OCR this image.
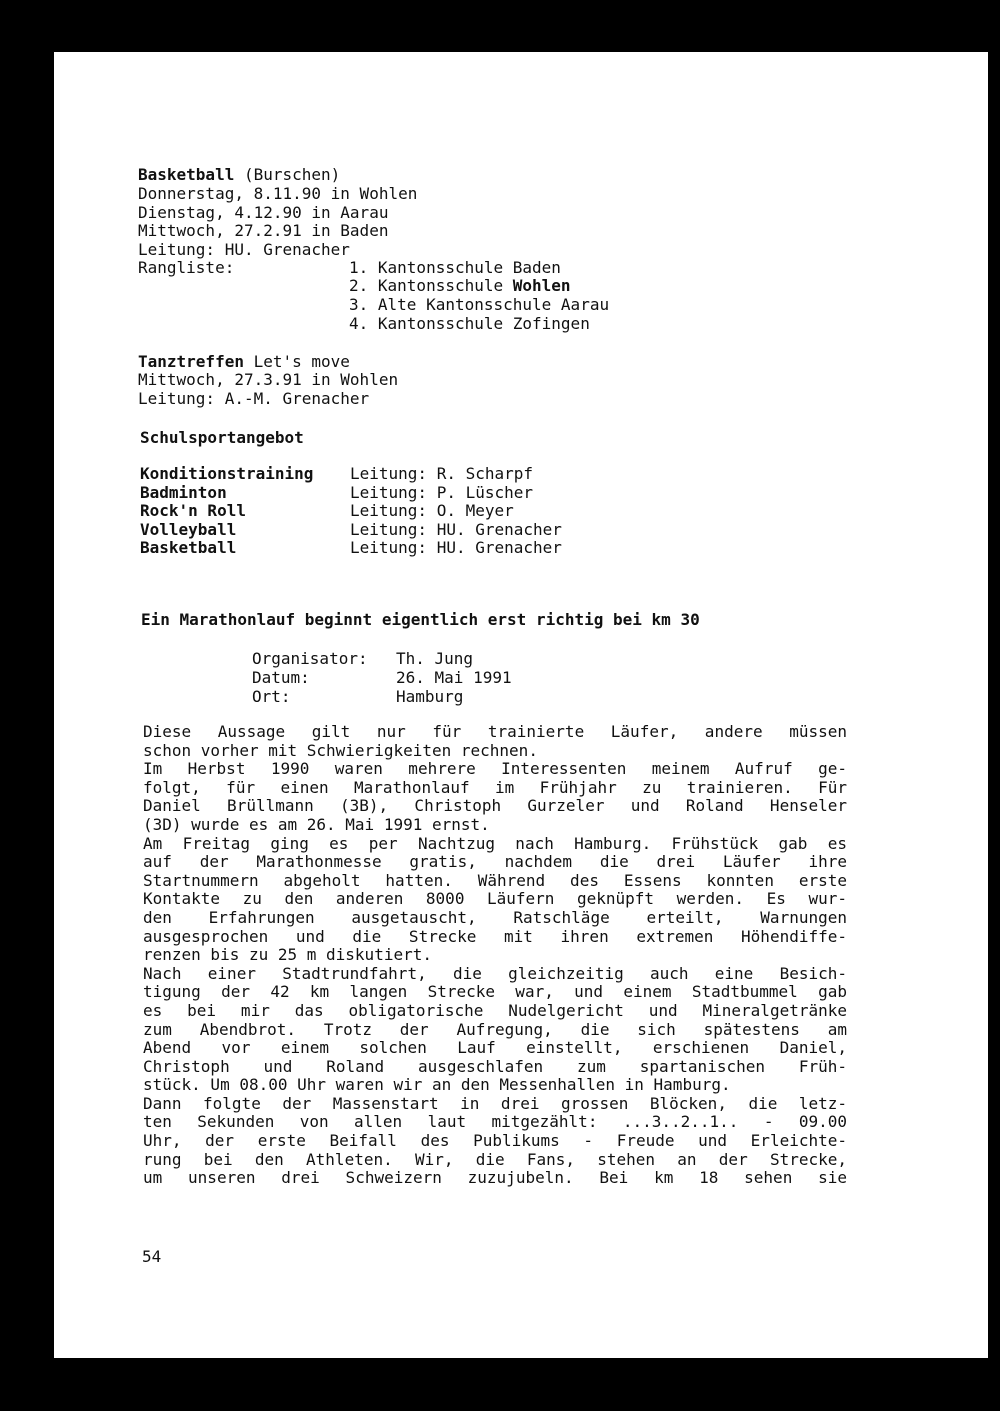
Basketball (Burschen)
Donnerstag, 8.11.90 in Wohlen
Dienstag, 4.12.90 in Aarau
Mittwoch, 27.2.91 in Baden
Leitung: HU. Grenacher
Rangliste:	1. Kantonsschule Baden
2. Kantonsschule Wohlen
3. Alte Kantonsschule Aarau
4. Kantonsschule Zofingen
Tanztreffen Let's move
Mittwoch, 27.3.91 in Wohlen
Leitung: A.-M. Grenacher
Schulsportangebot
Konditionstraining Leitung: R. Scharpf
Badminton	Leitung: P. Lüscher
Rock'n Roll	Leitung: O. Meyer
Volleyball	Leitung: HU. Grenacher
Basketball	Leitung: HU. Grenacher
Ein Marathonlauf beginnt eigentlich erst richtig bei km 30
Organisator: Th. Jung
Datum:	26. Mai 1991
Ort:	Hamburg
Diese Aussage gilt nur für trainierte Läufer, andere müssen
schon vorher mit Schwierigkeiten rechnen.
Im Herbst 1990 waren mehrere Interessenten meinem Aufruf ge-
folgt, für einen Marathonlauf im Frühjahr zu trainieren. Für
Daniel Brüllmann (3B), Christoph Gurzeler und Roland Henseler
(3D) wurde es am 26. Mai 1991 ernst.
Am Freitag ging es per Nachtzug nach Hamburg. Frühstück gab es
auf der Marathonmesse gratis, nachdem die drei Läufer ihre
Startnummern abgeholt hatten. Während des Essens konnten erste
Kontakte zu den anderen 8000 Läufern geknüpft werden. Es wur-
den Erfahrungen ausgetauscht, Ratschläge erteilt, Warnungen
ausgesprochen und die Strecke mit ihren extremen Höhendiffe-
renzen bis zu 25 m diskutiert.
Nach einer Stadtrundfahrt, die gleichzeitig auch eine Besich-
tigung der 42 km langen Strecke war, und einem Stadtbummel gab
es bei mir das obligatorische Nudelgericht und Mineralgetränke
zum Abendbrot. Trotz der Aufregung, die sich spätestens am
Abend vor einem solchen Lauf einstellt, erschienen Daniel,
Christoph und Roland ausgeschlafen zum spartanischen Früh-
stück. Um 08.00 Uhr waren wir an den Messenhallen in Hamburg.
Dann folgte der Massenstart in drei grossen Blöcken, die letz-
ten Sekunden von allen laut mitgezählt: ...3..2..1.. - 09.00
Uhr, der erste Beifall des Publikums - Freude und Erleichte-
rung bei den Athleten. Wir, die Fans, stehen an der Strecke,
um unseren drei Schweizern zuzujubeln. Bei km 18 sehen sie
54
